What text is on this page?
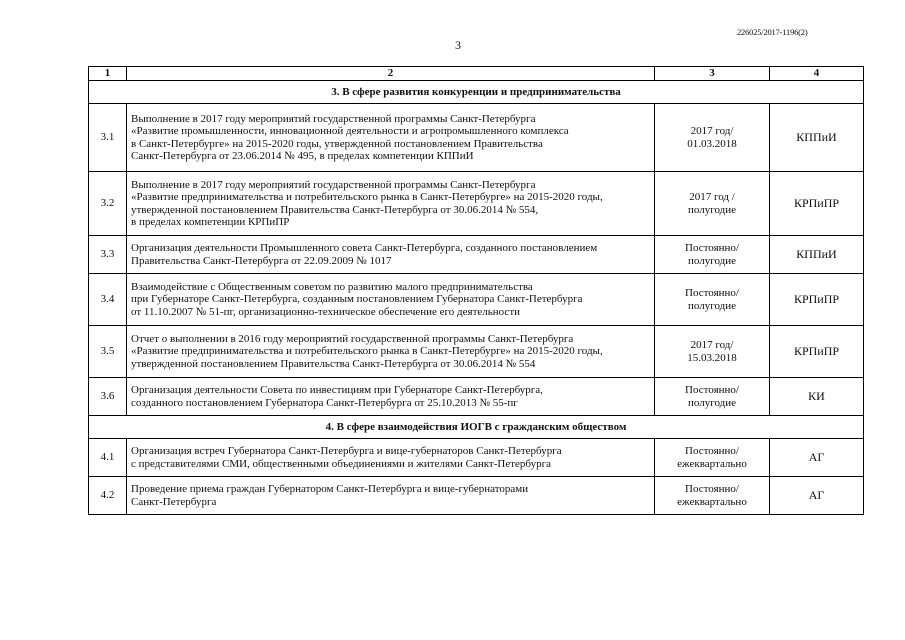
226025/2017-1196(2)
3
1	2	3	4
3. В сфере развития конкуренции и предпринимательства			
3.1	Выполнение в 2017 году мероприятий государственной программы Санкт-Петербурга
«Развитие промышленности, инновационной деятельности и агропромышленного комплекса
в Санкт-Петербурге» на 2015-2020 годы, утвержденной постановлением Правительства
Санкт-Петербурга от 23.06.2014 № 495, в пределах компетенции КППиИ	2017 год/
01.03.2018	КППиИ
3.2	Выполнение в 2017 году мероприятий государственной программы Санкт-Петербурга
«Развитие предпринимательства и потребительского рынка в Санкт-Петербурге» на 2015-2020 годы,
утвержденной постановлением Правительства Санкт-Петербурга от 30.06.2014 № 554,
в пределах компетенции КРПиПР	2017 год /
полугодие	КРПиПР
3.3	Организация деятельности Промышленного совета Санкт-Петербурга, созданного постановлением
Правительства Санкт-Петербурга от 22.09.2009 № 1017	Постоянно/
полугодие	КППиИ
3.4	Взаимодействие с Общественным советом по развитию малого предпринимательства
при Губернаторе Санкт-Петербурга, созданным постановлением Губернатора Санкт-Петербурга
от 11.10.2007 № 51-пг, организационно-техническое обеспечение его деятельности	Постоянно/
полугодие	КРПиПР
3.5	Отчет о выполнении в 2016 году мероприятий государственной программы Санкт-Петербурга
«Развитие предпринимательства и потребительского рынка в Санкт-Петербурге» на 2015-2020 годы,
утвержденной постановлением Правительства Санкт-Петербурга от 30.06.2014 № 554	2017 год/
15.03.2018	КРПиПР
3.6	Организация деятельности Совета по инвестициям при Губернаторе Санкт-Петербурга,
созданного постановлением Губернатора Санкт-Петербурга от 25.10.2013 № 55-пг	Постоянно/
полугодие	КИ
4. В сфере взаимодействия ИОГВ с гражданским обществом			
4.1	Организация встреч Губернатора Санкт-Петербурга и вице-губернаторов Санкт-Петербурга
с представителями СМИ, общественными объединениями и жителями Санкт-Петербурга	Постоянно/
ежеквартально	АГ
4.2	Проведение приема граждан Губернатором Санкт-Петербурга и вице-губернаторами
Санкт-Петербурга	Постоянно/
ежеквартально	АГ
